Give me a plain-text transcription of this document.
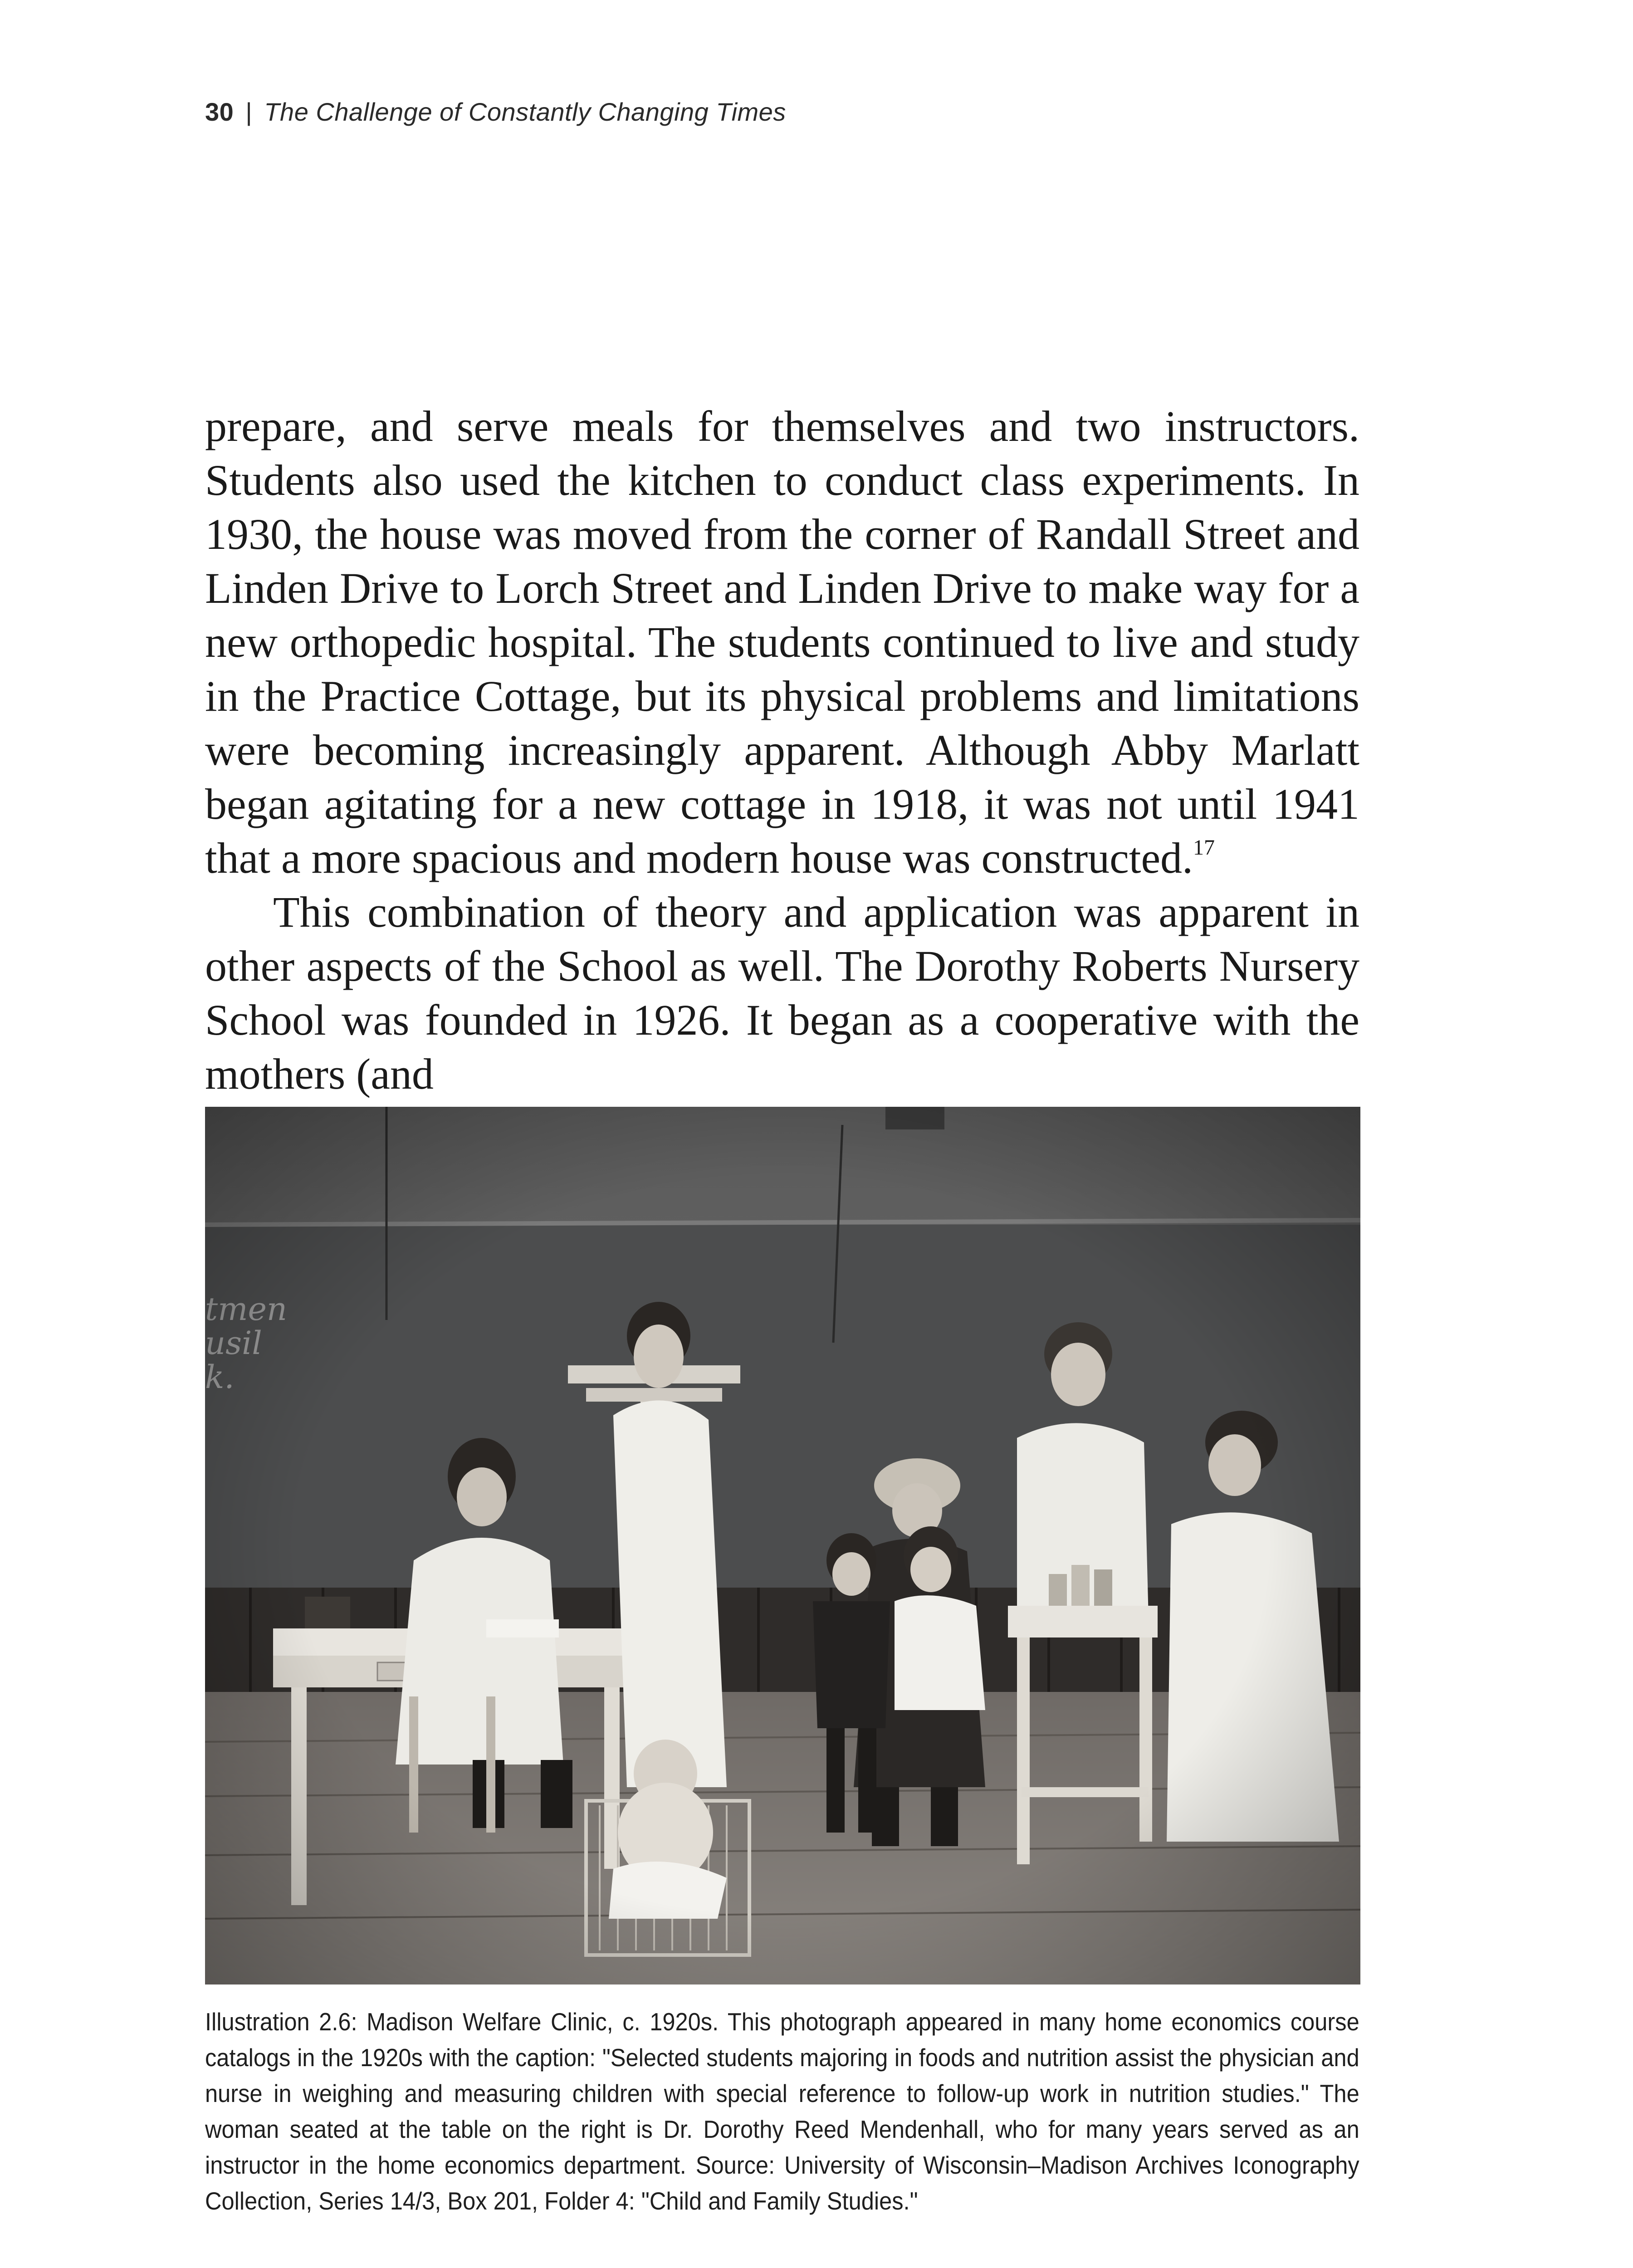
30 | The Challenge of Constantly Changing Times

prepare, and serve meals for themselves and two instructors. Students also used the kitchen to conduct class experiments. In 1930, the house was moved from the corner of Randall Street and Linden Drive to Lorch Street and Linden Drive to make way for a new orthopedic hospital. The students continued to live and study in the Practice Cottage, but its physical problems and limitations were becoming increasingly apparent. Although Abby Marlatt began agitating for a new cottage in 1918, it was not until 1941 that a more spacious and modern house was constructed.$^{17}$

This combination of theory and application was apparent in other aspects of the School as well. The Dorothy Roberts Nursery School was founded in 1926. It began as a cooperative with the mothers (and

Illustration 2.6: Madison Welfare Clinic, c. 1920s. This photograph appeared in many home economics course catalogs in the 1920s with the caption: "Selected students majoring in foods and nutrition assist the physician and nurse in weighing and measuring children with special reference to follow-up work in nutrition studies." The woman seated at the table on the right is Dr. Dorothy Reed Mendenhall, who for many years served as an instructor in the home economics department. Source: University of Wisconsin–Madison Archives Iconography Collection, Series 14/3, Box 201, Folder 4: "Child and Family Studies."
